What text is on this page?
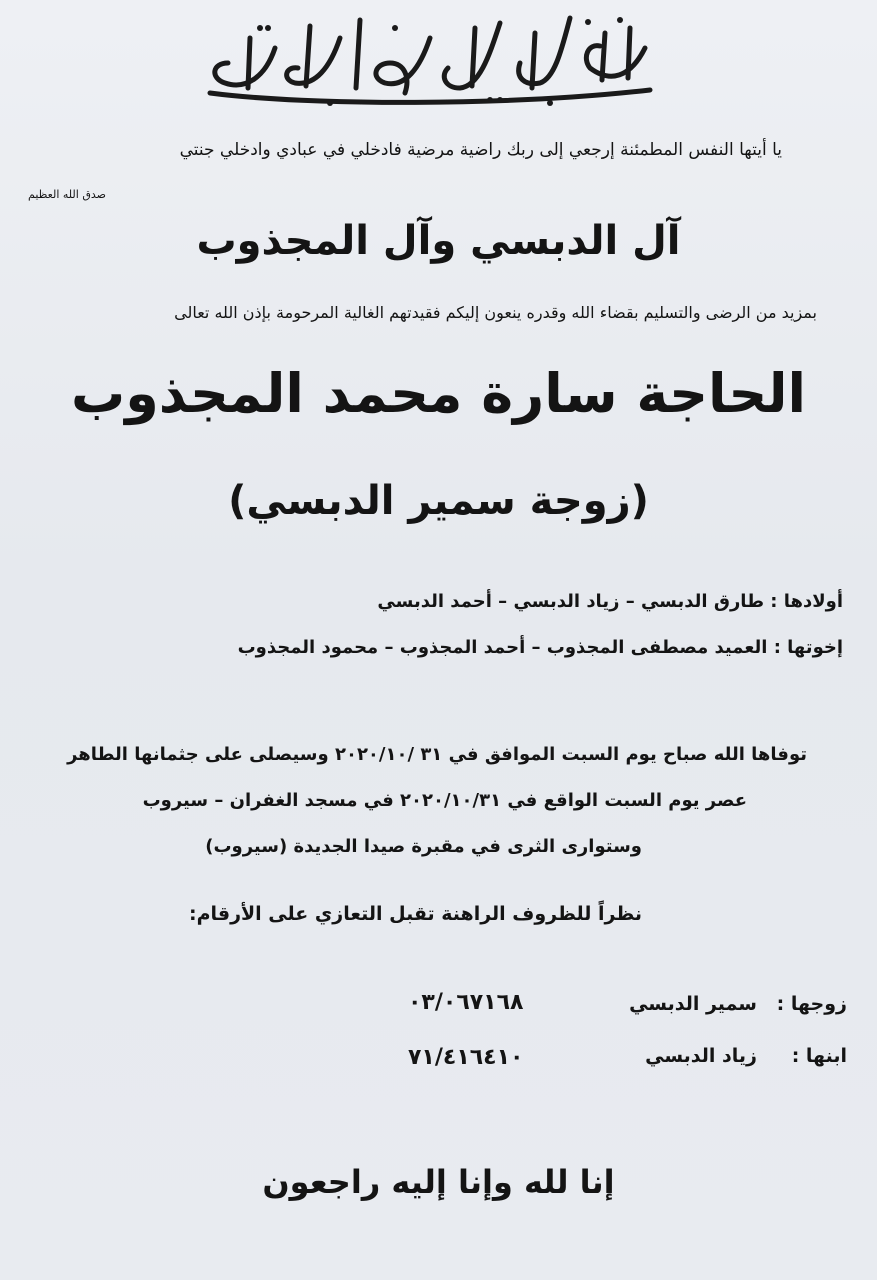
يا أيتها النفس المطمئنة إرجعي إلى ربك راضية مرضية فادخلي في عبادي وادخلي جنتي
صدق الله العظيم
آل الدبسي وآل المجذوب
بمزيد من الرضى والتسليم بقضاء الله وقدره ينعون إليكم فقيدتهم الغالية المرحومة بإذن الله تعالى
الحاجة سارة محمد المجذوب
(زوجة سمير الدبسي)
أولادها : طارق الدبسي – زياد الدبسي – أحمد الدبسي
إخوتها : العميد مصطفى المجذوب – أحمد المجذوب – محمود المجذوب
توفاها الله صباح يوم السبت الموافق في ٣١ /٢٠٢٠/١٠ وسيصلى على جثمانها الطاهر
عصر يوم السبت الواقع في ٢٠٢٠/١٠/٣١ في مسجد الغفران – سيروب
وستوارى الثرى في مقبرة صيدا الجديدة (سيروب)
نظراً للظروف الراهنة تقبل التعازي على الأرقام:
زوجها :
سمير الدبسي
٠٣/٠٦٧١٦٨
ابنها :
زياد الدبسي
٧١/٤١٦٤١٠
إنا لله وإنا إليه راجعون
